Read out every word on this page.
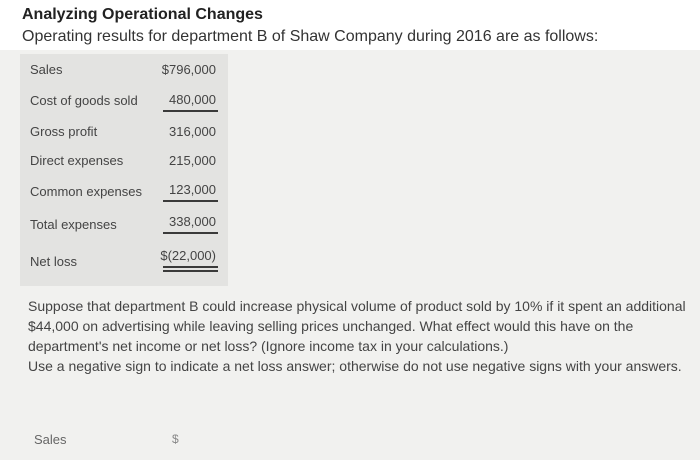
Analyzing Operational Changes
Operating results for department B of Shaw Company during 2016 are as follows:
Sales	$796,000
Cost of goods sold 480,000
Gross profit	316,000
Direct expenses	215,000
Common expenses 123,000
Total expenses	338,000
Net loss	$(22,000)

Suppose that department B could increase physical volume of product sold by 10% if it spent an additional $44,000 on advertising while leaving selling prices unchanged. What effect would this have on the department's net income or net loss? (Ignore income tax in your calculations.)

Use a negative sign to indicate a net loss answer; otherwise do not use negative signs with your answers.

Sales	$
